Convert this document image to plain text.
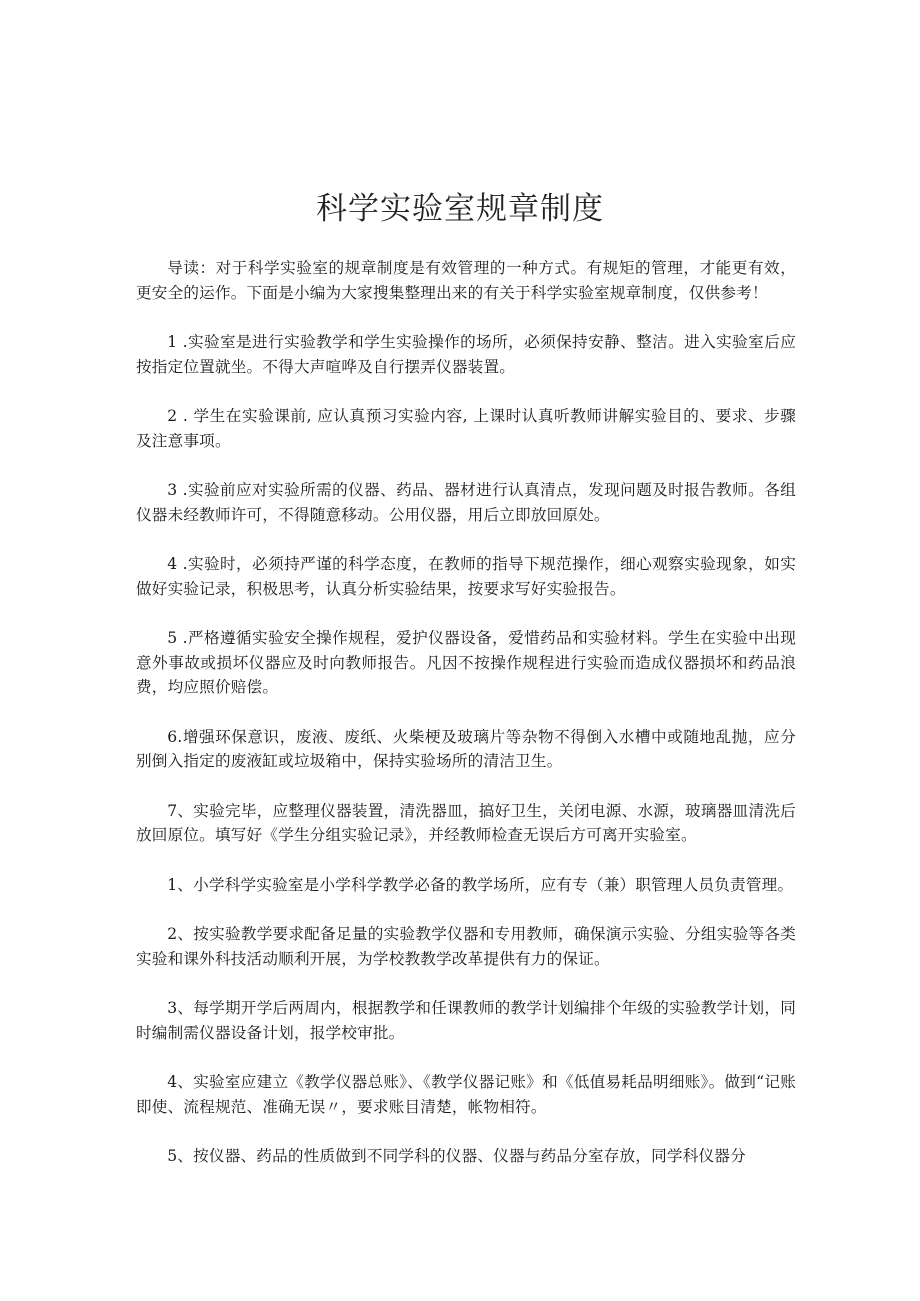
科学实验室规章制度

导读：对于科学实验室的规章制度是有效管理的一种方式。有规矩的管理，才能更有效，更安全的运作。下面是小编为大家搜集整理出来的有关于科学实验室规章制度，仅供参考！

1 .实验室是进行实验教学和学生实验操作的场所，必须保持安静、整洁。进入实验室后应按指定位置就坐。不得大声喧哗及自行摆弄仪器装置。

2 . 学生在实验课前, 应认真预习实验内容, 上课时认真听教师讲解实验目的、要求、步骤及注意事项。

3 .实验前应对实验所需的仪器、药品、器材进行认真清点，发现问题及时报告教师。各组仪器未经教师许可，不得随意移动。公用仪器，用后立即放回原处。

4 .实验时，必须持严谨的科学态度，在教师的指导下规范操作，细心观察实验现象，如实做好实验记录，积极思考，认真分析实验结果，按要求写好实验报告。

5 .严格遵循实验安全操作规程，爱护仪器设备，爱惜药品和实验材料。学生在实验中出现意外事故或损坏仪器应及时向教师报告。凡因不按操作规程进行实验而造成仪器损坏和药品浪费，均应照价赔偿。

6.增强环保意识，废液、废纸、火柴梗及玻璃片等杂物不得倒入水槽中或随地乱抛，应分别倒入指定的废液缸或垃圾箱中，保持实验场所的清洁卫生。

7、实验完毕，应整理仪器装置，清洗器皿，搞好卫生，关闭电源、水源，玻璃器皿清洗后放回原位。填写好《学生分组实验记录》，并经教师检查无误后方可离开实验室。

1、小学科学实验室是小学科学教学必备的教学场所，应有专（兼）职管理人员负责管理。

2、按实验教学要求配备足量的实验教学仪器和专用教师，确保演示实验、分组实验等各类实验和课外科技活动顺利开展，为学校教教学改革提供有力的保证。

3、每学期开学后两周内，根据教学和任课教师的教学计划编排个年级的实验教学计划，同时编制需仪器设备计划，报学校审批。

4、实验室应建立《教学仪器总账》、《教学仪器记账》和《低值易耗品明细账》。做到“记账即使、流程规范、准确无误〃，要求账目清楚，帐物相符。

5、按仪器、药品的性质做到不同学科的仪器、仪器与药品分室存放，同学科仪器分
